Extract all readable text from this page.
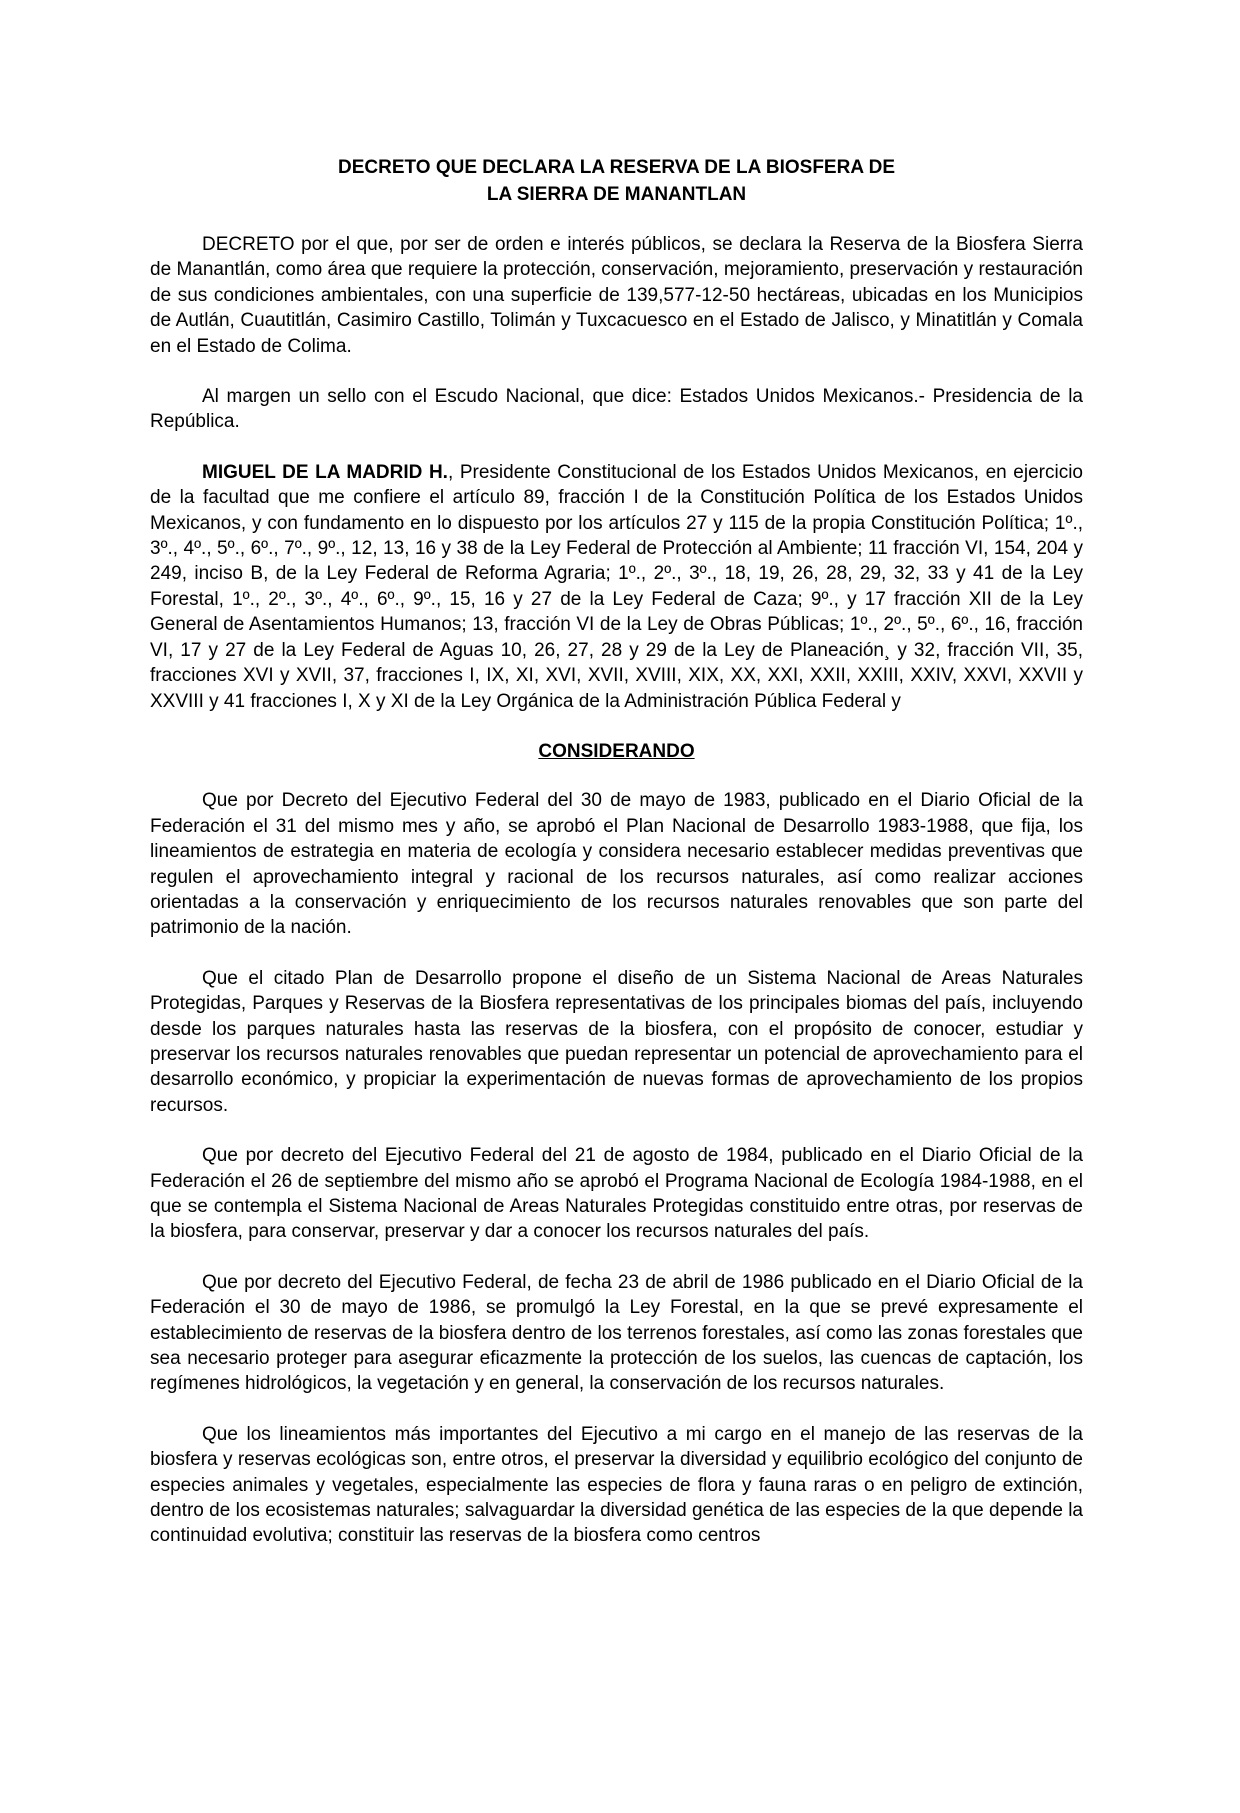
DECRETO QUE DECLARA LA RESERVA DE LA BIOSFERA DE
LA SIERRA DE MANANTLAN

DECRETO por el que, por ser de orden e interés públicos, se declara la Reserva de la Biosfera Sierra de Manantlán, como área que requiere la protección, conservación, mejoramiento, preservación y restauración de sus condiciones ambientales, con una superficie de 139,577-12-50 hectáreas, ubicadas en los Municipios de Autlán, Cuautitlán, Casimiro Castillo, Tolimán y Tuxcacuesco en el Estado de Jalisco, y Minatitlán y Comala en el Estado de Colima.

Al margen un sello con el Escudo Nacional, que dice: Estados Unidos Mexicanos.- Presidencia de la República.

MIGUEL DE LA MADRID H., Presidente Constitucional de los Estados Unidos Mexicanos, en ejercicio de la facultad que me confiere el artículo 89, fracción I de la Constitución Política de los Estados Unidos Mexicanos, y con fundamento en lo dispuesto por los artículos 27 y 115 de la propia Constitución Política; 1º., 3º., 4º., 5º., 6º., 7º., 9º., 12, 13, 16 y 38 de la Ley Federal de Protección al Ambiente; 11 fracción VI, 154, 204 y 249, inciso B, de la Ley Federal de Reforma Agraria; 1º., 2º., 3º., 18, 19, 26, 28, 29, 32, 33 y 41 de la Ley Forestal, 1º., 2º., 3º., 4º., 6º., 9º., 15, 16 y 27 de la Ley Federal de Caza; 9º., y 17 fracción XII de la Ley General de Asentamientos Humanos; 13, fracción VI de la Ley de Obras Públicas; 1º., 2º., 5º., 6º., 16, fracción VI, 17 y 27 de la Ley Federal de Aguas 10, 26, 27, 28 y 29 de la Ley de Planeación¸ y 32, fracción VII, 35, fracciones XVI y XVII, 37, fracciones I, IX, XI, XVI, XVII, XVIII, XIX, XX, XXI, XXII, XXIII, XXIV, XXVI, XXVII y XXVIII y 41 fracciones I, X y XI de la Ley Orgánica de la Administración Pública Federal y

CONSIDERANDO

Que por Decreto del Ejecutivo Federal del 30 de mayo de 1983, publicado en el Diario Oficial de la Federación el 31 del mismo mes y año, se aprobó el Plan Nacional de Desarrollo 1983-1988, que fija, los lineamientos de estrategia en materia de ecología y considera necesario establecer medidas preventivas que regulen el aprovechamiento integral y racional de los recursos naturales, así como realizar acciones orientadas a la conservación y enriquecimiento de los recursos naturales renovables que son parte del patrimonio de la nación.

Que el citado Plan de Desarrollo propone el diseño de un Sistema Nacional de Areas Naturales Protegidas, Parques y Reservas de la Biosfera representativas de los principales biomas del país, incluyendo desde los parques naturales hasta las reservas de la biosfera, con el propósito de conocer, estudiar y preservar los recursos naturales renovables que puedan representar un potencial de aprovechamiento para el desarrollo económico, y propiciar la experimentación de nuevas formas de aprovechamiento de los propios recursos.

Que por decreto del Ejecutivo Federal del 21 de agosto de 1984, publicado en el Diario Oficial de la Federación el 26 de septiembre del mismo año se aprobó el Programa Nacional de Ecología 1984-1988, en el que se contempla el Sistema Nacional de Areas Naturales Protegidas constituido entre otras, por reservas de la biosfera, para conservar, preservar y dar a conocer los recursos naturales del país.

Que por decreto del Ejecutivo Federal, de fecha 23 de abril de 1986 publicado en el Diario Oficial de la Federación el 30 de mayo de 1986, se promulgó la Ley Forestal, en la que se prevé expresamente el establecimiento de reservas de la biosfera dentro de los terrenos forestales, así como las zonas forestales que sea necesario proteger para asegurar eficazmente la protección de los suelos, las cuencas de captación, los regímenes hidrológicos, la vegetación y en general, la conservación de los recursos naturales.

Que los lineamientos más importantes del Ejecutivo a mi cargo en el manejo de las reservas de la biosfera y reservas ecológicas son, entre otros, el preservar la diversidad y equilibrio ecológico del conjunto de especies animales y vegetales, especialmente las especies de flora y fauna raras o en peligro de extinción, dentro de los ecosistemas naturales; salvaguardar la diversidad genética de las especies de la que depende la continuidad evolutiva; constituir las reservas de la biosfera como centros
